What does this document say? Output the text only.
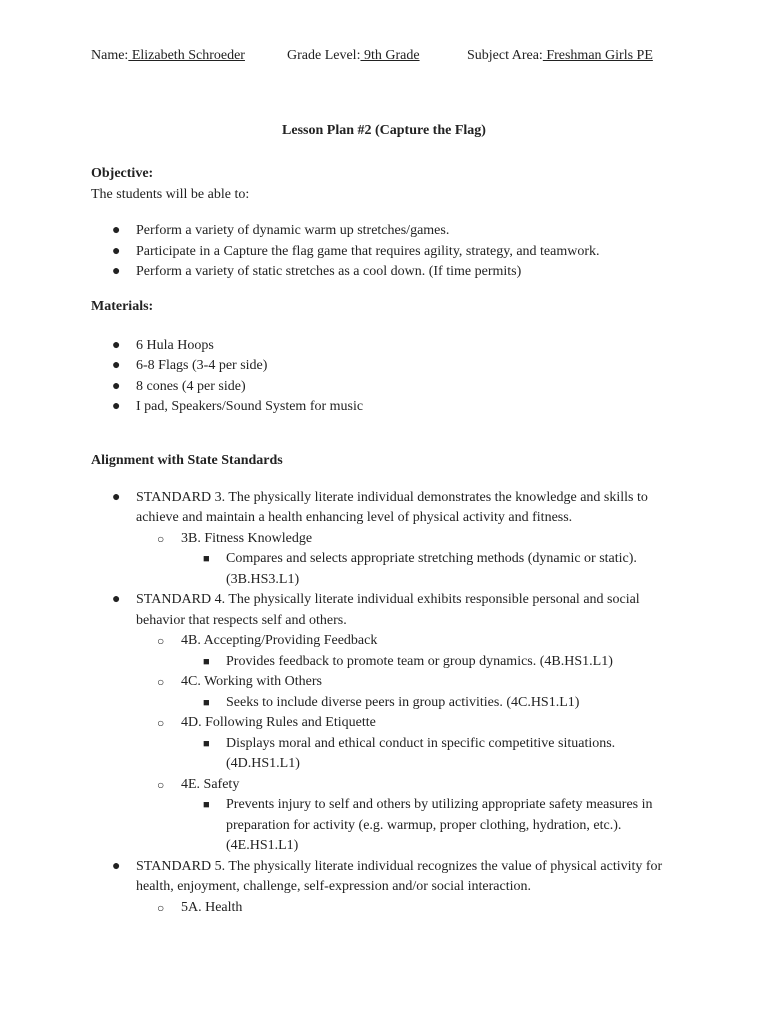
Name: Elizabeth Schroeder	Grade Level: 9th Grade	Subject Area: Freshman Girls PE
Lesson Plan #2 (Capture the Flag)
Objective:
The students will be able to:
● Perform a variety of dynamic warm up stretches/games.
● Participate in a Capture the flag game that requires agility, strategy, and teamwork.
● Perform a variety of static stretches as a cool down. (If time permits)
Materials:
● 6 Hula Hoops
● 6-8 Flags (3-4 per side)
● 8 cones (4 per side)
● I pad, Speakers/Sound System for music
Alignment with State Standards
● STANDARD 3. The physically literate individual demonstrates the knowledge and skills to achieve and maintain a health enhancing level of physical activity and fitness.
○ 3B. Fitness Knowledge
■ Compares and selects appropriate stretching methods (dynamic or static). (3B.HS3.L1)
● STANDARD 4. The physically literate individual exhibits responsible personal and social behavior that respects self and others.
○ 4B. Accepting/Providing Feedback
■ Provides feedback to promote team or group dynamics. (4B.HS1.L1)
○ 4C. Working with Others
■ Seeks to include diverse peers in group activities. (4C.HS1.L1)
○ 4D. Following Rules and Etiquette
■ Displays moral and ethical conduct in specific competitive situations. (4D.HS1.L1)
○ 4E. Safety
■ Prevents injury to self and others by utilizing appropriate safety measures in preparation for activity (e.g. warmup, proper clothing, hydration, etc.). (4E.HS1.L1)
● STANDARD 5. The physically literate individual recognizes the value of physical activity for health, enjoyment, challenge, self-expression and/or social interaction.
○ 5A. Health
